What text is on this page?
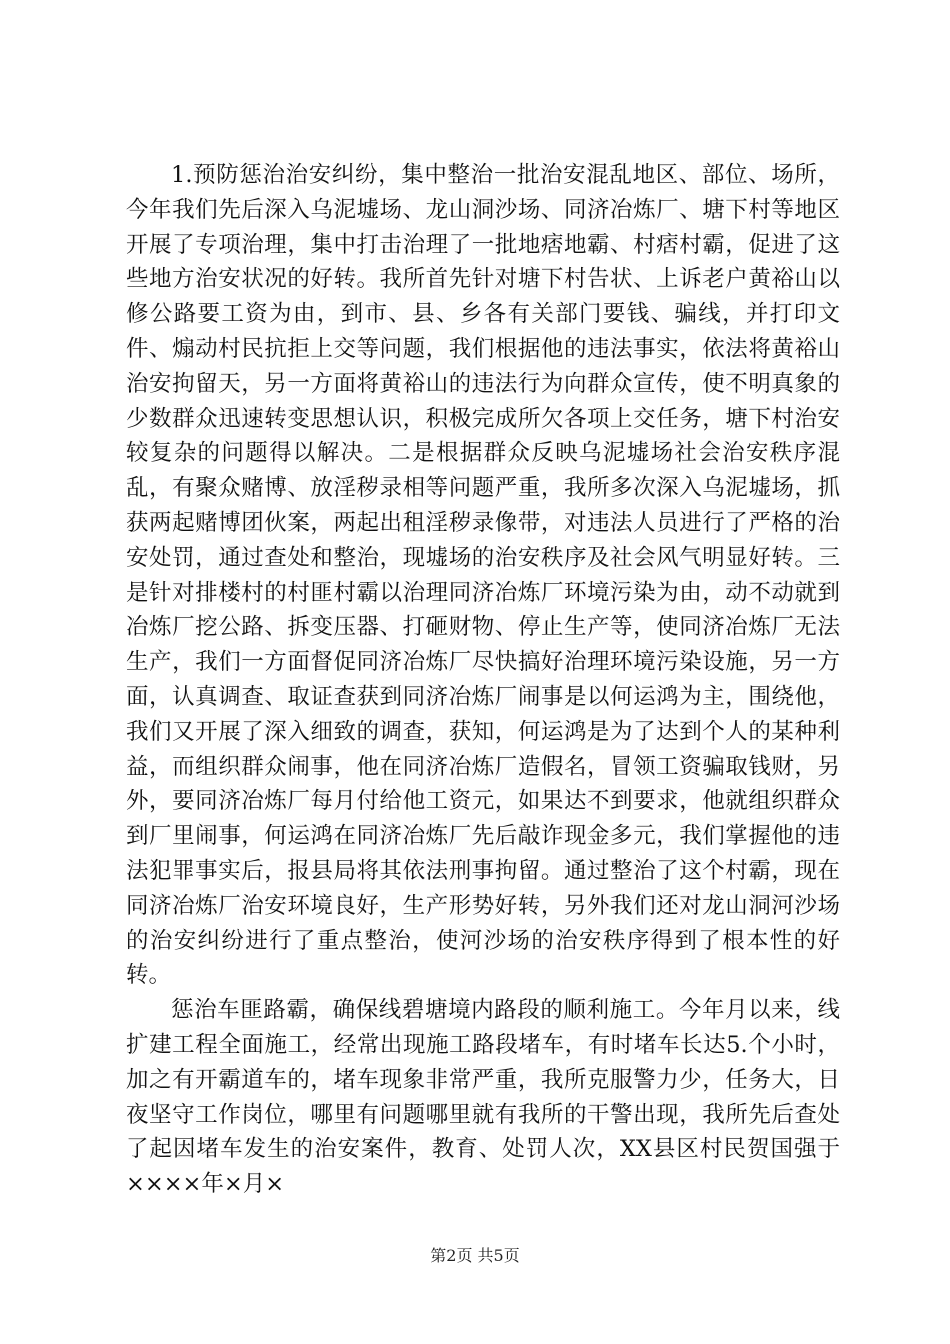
1.预防惩治治安纠纷，集中整治一批治安混乱地区、部位、场所，今年我们先后深入乌泥墟场、龙山洞沙场、同济冶炼厂、塘下村等地区开展了专项治理，集中打击治理了一批地痞地霸、村痞村霸，促进了这些地方治安状况的好转。我所首先针对塘下村告状、上诉老户黄裕山以修公路要工资为由，到市、县、乡各有关部门要钱、骗线，并打印文件、煽动村民抗拒上交等问题，我们根据他的违法事实，依法将黄裕山治安拘留天，另一方面将黄裕山的违法行为向群众宣传，使不明真象的少数群众迅速转变思想认识，积极完成所欠各项上交任务，塘下村治安较复杂的问题得以解决。二是根据群众反映乌泥墟场社会治安秩序混乱，有聚众赌博、放淫秽录相等问题严重，我所多次深入乌泥墟场，抓获两起赌博团伙案，两起出租淫秽录像带，对违法人员进行了严格的治安处罚，通过查处和整治，现墟场的治安秩序及社会风气明显好转。三是针对排楼村的村匪村霸以治理同济冶炼厂环境污染为由，动不动就到冶炼厂挖公路、拆变压器、打砸财物、停止生产等，使同济冶炼厂无法生产，我们一方面督促同济冶炼厂尽快搞好治理环境污染设施，另一方面，认真调查、取证查获到同济冶炼厂闹事是以何运鸿为主，围绕他，我们又开展了深入细致的调查，获知，何运鸿是为了达到个人的某种利益，而组织群众闹事，他在同济冶炼厂造假名，冒领工资骗取钱财，另外，要同济冶炼厂每月付给他工资元，如果达不到要求，他就组织群众到厂里闹事，何运鸿在同济冶炼厂先后敲诈现金多元，我们掌握他的违法犯罪事实后，报县局将其依法刑事拘留。通过整治了这个村霸，现在同济冶炼厂治安环境良好，生产形势好转，另外我们还对龙山洞河沙场的治安纠纷进行了重点整治，使河沙场的治安秩序得到了根本性的好转。

惩治车匪路霸，确保线碧塘境内路段的顺利施工。今年月以来，线扩建工程全面施工，经常出现施工路段堵车，有时堵车长达5.个小时，加之有开霸道车的，堵车现象非常严重，我所克服警力少，任务大，日夜坚守工作岗位，哪里有问题哪里就有我所的干警出现，我所先后查处了起因堵车发生的治安案件，教育、处罚人次，XX县区村民贺国强于××××年×月×

第2页 共5页
